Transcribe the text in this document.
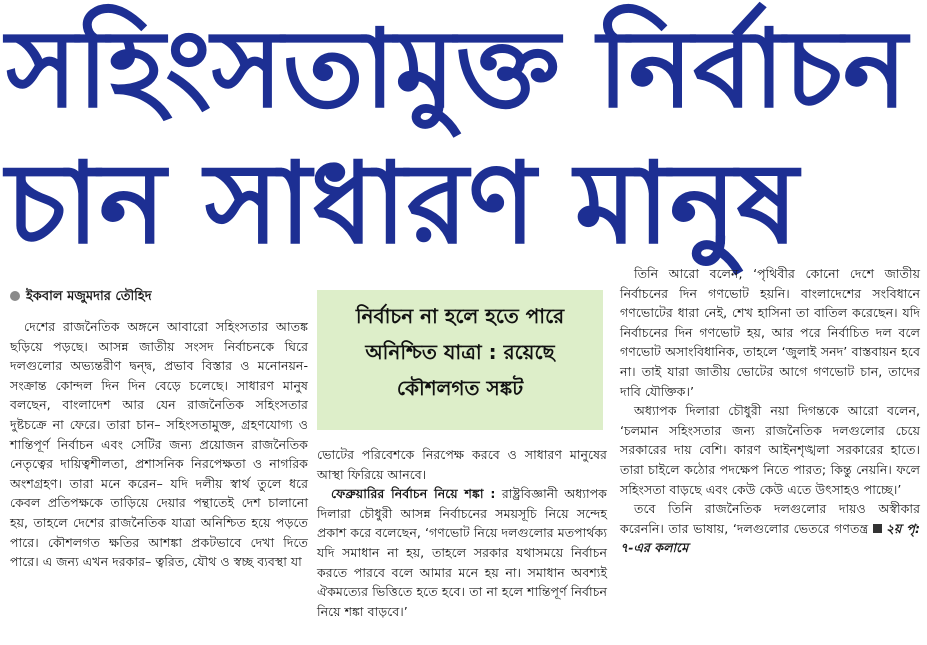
সহিংসতামুক্ত নির্বাচন
চান সাধারণ মানুষ
ইকবাল মজুমদার তৌহিদ

দেশের রাজনৈতিক অঙ্গনে আবারো সহিংসতার আতঙ্ক ছড়িয়ে পড়ছে। আসন্ন জাতীয় সংসদ নির্বাচনকে ঘিরে দলগুলোর অভ্যন্তরীণ দ্বন্দ্ব, প্রভাব বিস্তার ও মনোনয়ন-সংক্রান্ত কোন্দল দিন দিন বেড়ে চলেছে। সাধারণ মানুষ বলছেন, বাংলাদেশ আর যেন রাজনৈতিক সহিংসতার দুষ্টচক্রে না ফেরে। তারা চান– সহিংসতামুক্ত, গ্রহণযোগ্য ও শান্তিপূর্ণ নির্বাচন এবং সেটির জন্য প্রয়োজন রাজনৈতিক নেতৃত্বের দায়িত্বশীলতা, প্রশাসনিক নিরপেক্ষতা ও নাগরিক অংশগ্রহণ। তারা মনে করেন– যদি দলীয় স্বার্থ তুলে ধরে কেবল প্রতিপক্ষকে তাড়িয়ে দেয়ার পন্থাতেই দেশ চালানো হয়, তাহলে দেশের রাজনৈতিক যাত্রা অনিশ্চিত হয়ে পড়তে পারে। কৌশলগত ক্ষতির আশঙ্কা প্রকটভাবে দেখা দিতে পারে। এ জন্য এখন দরকার– ত্বরিত, যৌথ ও স্বচ্ছ ব্যবস্থা যা

নির্বাচন না হলে হতে পারে
অনিশ্চিত যাত্রা : রয়েছে
কৌশলগত সঙ্কট

ভোটের পরিবেশকে নিরপেক্ষ করবে ও সাধারণ মানুষের আস্থা ফিরিয়ে আনবে।

ফেব্রুয়ারির নির্বাচন নিয়ে শঙ্কা : রাষ্ট্রবিজ্ঞানী অধ্যাপক দিলারা চৌধুরী আসন্ন নির্বাচনের সময়সূচি নিয়ে সন্দেহ প্রকাশ করে বলেছেন, ‘গণভোট নিয়ে দলগুলোর মতপার্থক্য যদি সমাধান না হয়, তাহলে সরকার যথাসময়ে নির্বাচন করতে পারবে বলে আমার মনে হয় না। সমাধান অবশ্যই ঐকমত্যের ভিত্তিতে হতে হবে। তা না হলে শান্তিপূর্ণ নির্বাচন নিয়ে শঙ্কা বাড়বে।’

তিনি আরো বলেন, ‘পৃথিবীর কোনো দেশে জাতীয় নির্বাচনের দিন গণভোট হয়নি। বাংলাদেশের সংবিধানে গণভোটের ধারা নেই, শেখ হাসিনা তা বাতিল করেছেন। যদি নির্বাচনের দিন গণভোট হয়, আর পরে নির্বাচিত দল বলে গণভোট অসাংবিধানিক, তাহলে ‘জুলাই সনদ’ বাস্তবায়ন হবে না। তাই যারা জাতীয় ভোটের আগে গণভোট চান, তাদের দাবি যৌক্তিক।’

অধ্যাপক দিলারা চৌধুরী নয়া দিগন্তকে আরো বলেন, ‘চলমান সহিংসতার জন্য রাজনৈতিক দলগুলোর চেয়ে সরকারের দায় বেশি। কারণ আইনশৃঙ্খলা সরকারের হাতে। তারা চাইলে কঠোর পদক্ষেপ নিতে পারত; কিন্তু নেয়নি। ফলে সহিংসতা বাড়ছে এবং কেউ কেউ এতে উৎসাহও পাচ্ছে।’

তবে তিনি রাজনৈতিক দলগুলোর দায়ও অস্বীকার করেননি। তার ভাষায়, ‘দলগুলোর ভেতরে গণতন্ত্র ২য় পৃ: ৭-এর কলামে
